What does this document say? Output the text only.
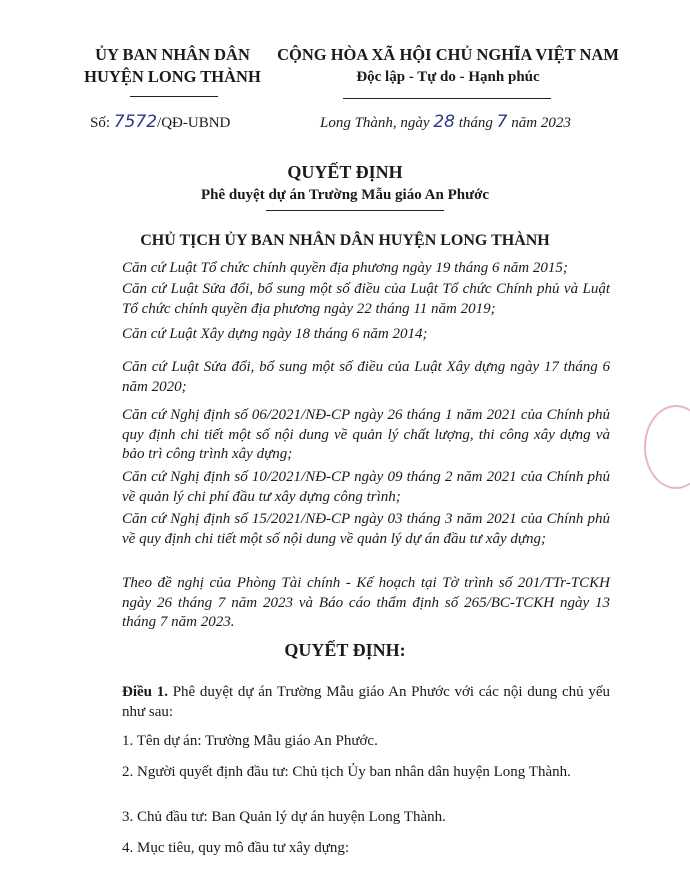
ỦY BAN NHÂN DÂN
HUYỆN LONG THÀNH
CỘNG HÒA XÃ HỘI CHỦ NGHĨA VIỆT NAM
Độc lập - Tự do - Hạnh phúc
Số: 7572/QĐ-UBND	Long Thành, ngày 28 tháng 7 năm 2023
QUYẾT ĐỊNH
Phê duyệt dự án Trường Mẫu giáo An Phước
CHỦ TỊCH ỦY BAN NHÂN DÂN HUYỆN LONG THÀNH
Căn cứ Luật Tổ chức chính quyền địa phương ngày 19 tháng 6 năm 2015;
Căn cứ Luật Sửa đổi, bổ sung một số điều của Luật Tổ chức Chính phủ và Luật Tổ chức chính quyền địa phương ngày 22 tháng 11 năm 2019;
Căn cứ Luật Xây dựng ngày 18 tháng 6 năm 2014;
Căn cứ Luật Sửa đổi, bổ sung một số điều của Luật Xây dựng ngày 17 tháng 6 năm 2020;
Căn cứ Nghị định số 06/2021/NĐ-CP ngày 26 tháng 1 năm 2021 của Chính phủ quy định chi tiết một số nội dung về quản lý chất lượng, thi công xây dựng và bảo trì công trình xây dựng;
Căn cứ Nghị định số 10/2021/NĐ-CP ngày 09 tháng 2 năm 2021 của Chính phủ về quản lý chi phí đầu tư xây dựng công trình;
Căn cứ Nghị định số 15/2021/NĐ-CP ngày 03 tháng 3 năm 2021 của Chính phủ về quy định chi tiết một số nội dung về quản lý dự án đầu tư xây dựng;
Theo đề nghị của Phòng Tài chính - Kế hoạch tại Tờ trình số 201/TTr-TCKH ngày 26 tháng 7 năm 2023 và Báo cáo thẩm định số 265/BC-TCKH ngày 13 tháng 7 năm 2023.
QUYẾT ĐỊNH:
Điều 1. Phê duyệt dự án Trường Mẫu giáo An Phước với các nội dung chủ yếu như sau:
1. Tên dự án: Trường Mẫu giáo An Phước.
2. Người quyết định đầu tư: Chủ tịch Ủy ban nhân dân huyện Long Thành.
3. Chủ đầu tư: Ban Quản lý dự án huyện Long Thành.
4. Mục tiêu, quy mô đầu tư xây dựng:
